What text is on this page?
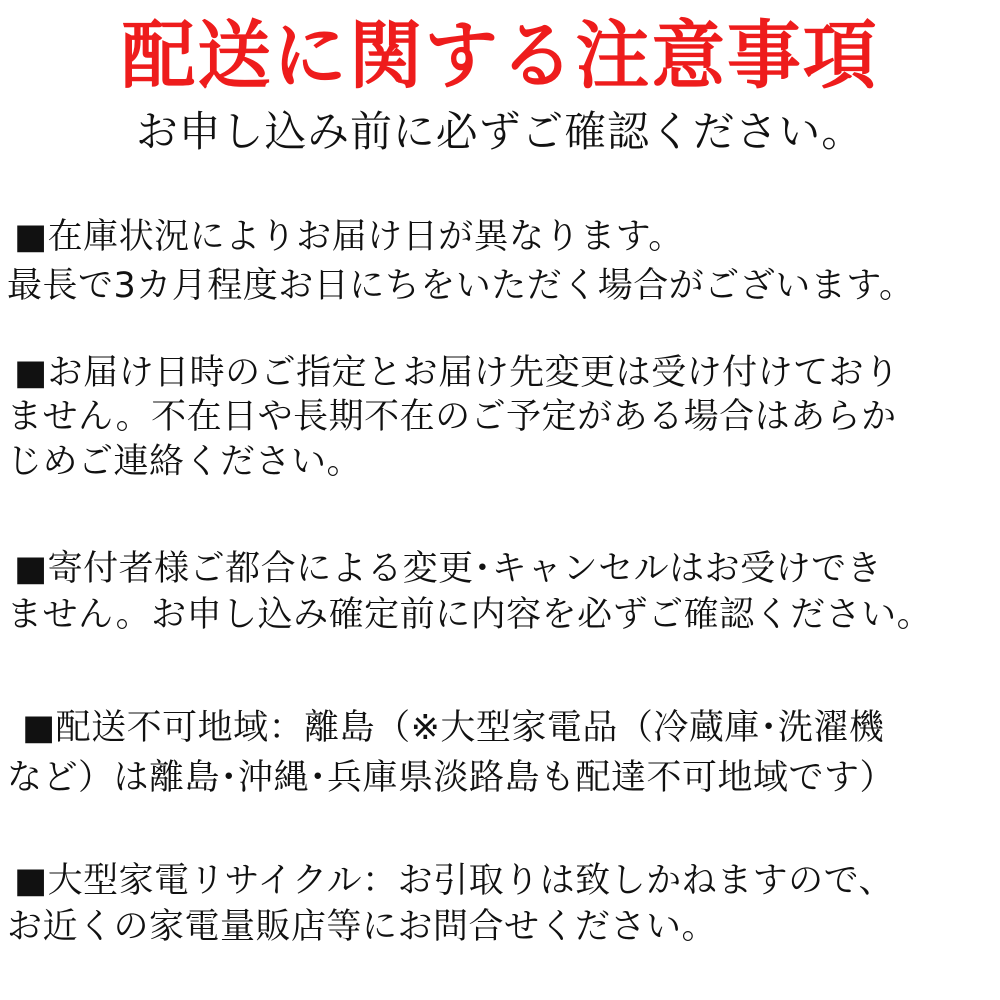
配送に関する注意事項
お申し込み前に必ずご確認ください。
■在庫状況によりお届け日が異なります。
最長で3カ月程度お日にちをいただく場合がございます。
■お届け日時のご指定とお届け先変更は受け付けており
ません。不在日や長期不在のご予定がある場合はあらか
じめご連絡ください。
■寄付者様ご都合による変更･キャンセルはお受けでき
ません。お申し込み確定前に内容を必ずご確認ください。
■配送不可地域：離島（※大型家電品（冷蔵庫･洗濯機
など）は離島･沖縄･兵庫県淡路島も配達不可地域です）
■大型家電リサイクル：お引取りは致しかねますので、
お近くの家電量販店等にお問合せください。
